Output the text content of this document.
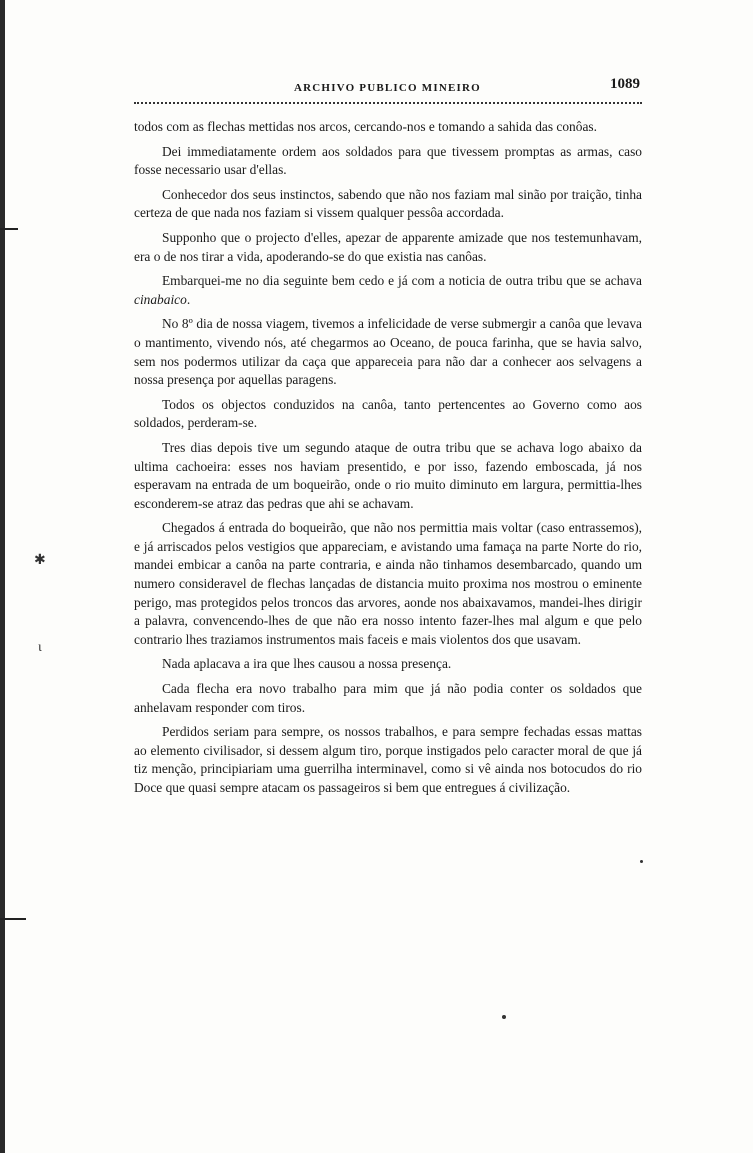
✱
ɩ
ARCHIVO PUBLICO MINEIRO	1089

todos com as flechas mettidas nos arcos, cercando-nos e tomando a sahida das conôas.

Dei immediatamente ordem aos soldados para que tivessem promptas as armas, caso fosse necessario usar d'ellas.

Conhecedor dos seus instinctos, sabendo que não nos faziam mal sinão por traição, tinha certeza de que nada nos faziam si vissem qualquer pessôa accordada.

Supponho que o projecto d'elles, apezar de apparente amizade que nos testemunhavam, era o de nos tirar a vida, apoderando-se do que existia nas canôas.

Embarquei-me no dia seguinte bem cedo e já com a noticia de outra tribu que se achava cinabaico.

No 8º dia de nossa viagem, tivemos a infelicidade de verse submergir a canôa que levava o mantimento, vivendo nós, até chegarmos ao Oceano, de pouca farinha, que se havia salvo, sem nos podermos utilizar da caça que appareceia para não dar a conhecer aos selvagens a nossa presença por aquellas paragens.

Todos os objectos conduzidos na canôa, tanto pertencentes ao Governo como aos soldados, perderam-se.

Tres dias depois tive um segundo ataque de outra tribu que se achava logo abaixo da ultima cachoeira: esses nos haviam presentido, e por isso, fazendo emboscada, já nos esperavam na entrada de um boqueirão, onde o rio muito diminuto em largura, permittia-lhes esconderem-se atraz das pedras que ahi se achavam.

Chegados á entrada do boqueirão, que não nos permittia mais voltar (caso entrassemos), e já arriscados pelos vestigios que appareciam, e avistando uma famaça na parte Norte do rio, mandei embicar a canôa na parte contraria, e ainda não tinhamos desembarcado, quando um numero consideravel de flechas lançadas de distancia muito proxima nos mostrou o eminente perigo, mas protegidos pelos troncos das arvores, aonde nos abaixavamos, mandei-lhes dirigir a palavra, convencendo-lhes de que não era nosso intento fazer-lhes mal algum e que pelo contrario lhes traziamos instrumentos mais faceis e mais violentos dos que usavam.

Nada aplacava a ira que lhes causou a nossa presença.

Cada flecha era novo trabalho para mim que já não podia conter os soldados que anhelavam responder com tiros.

Perdidos seriam para sempre, os nossos trabalhos, e para sempre fechadas essas mattas ao elemento civilisador, si dessem algum tiro, porque instigados pelo caracter moral de que já tiz menção, principiariam uma guerrilha interminavel, como si vê ainda nos botocudos do rio Doce que quasi sempre atacam os passageiros si bem que entregues á civilização.
